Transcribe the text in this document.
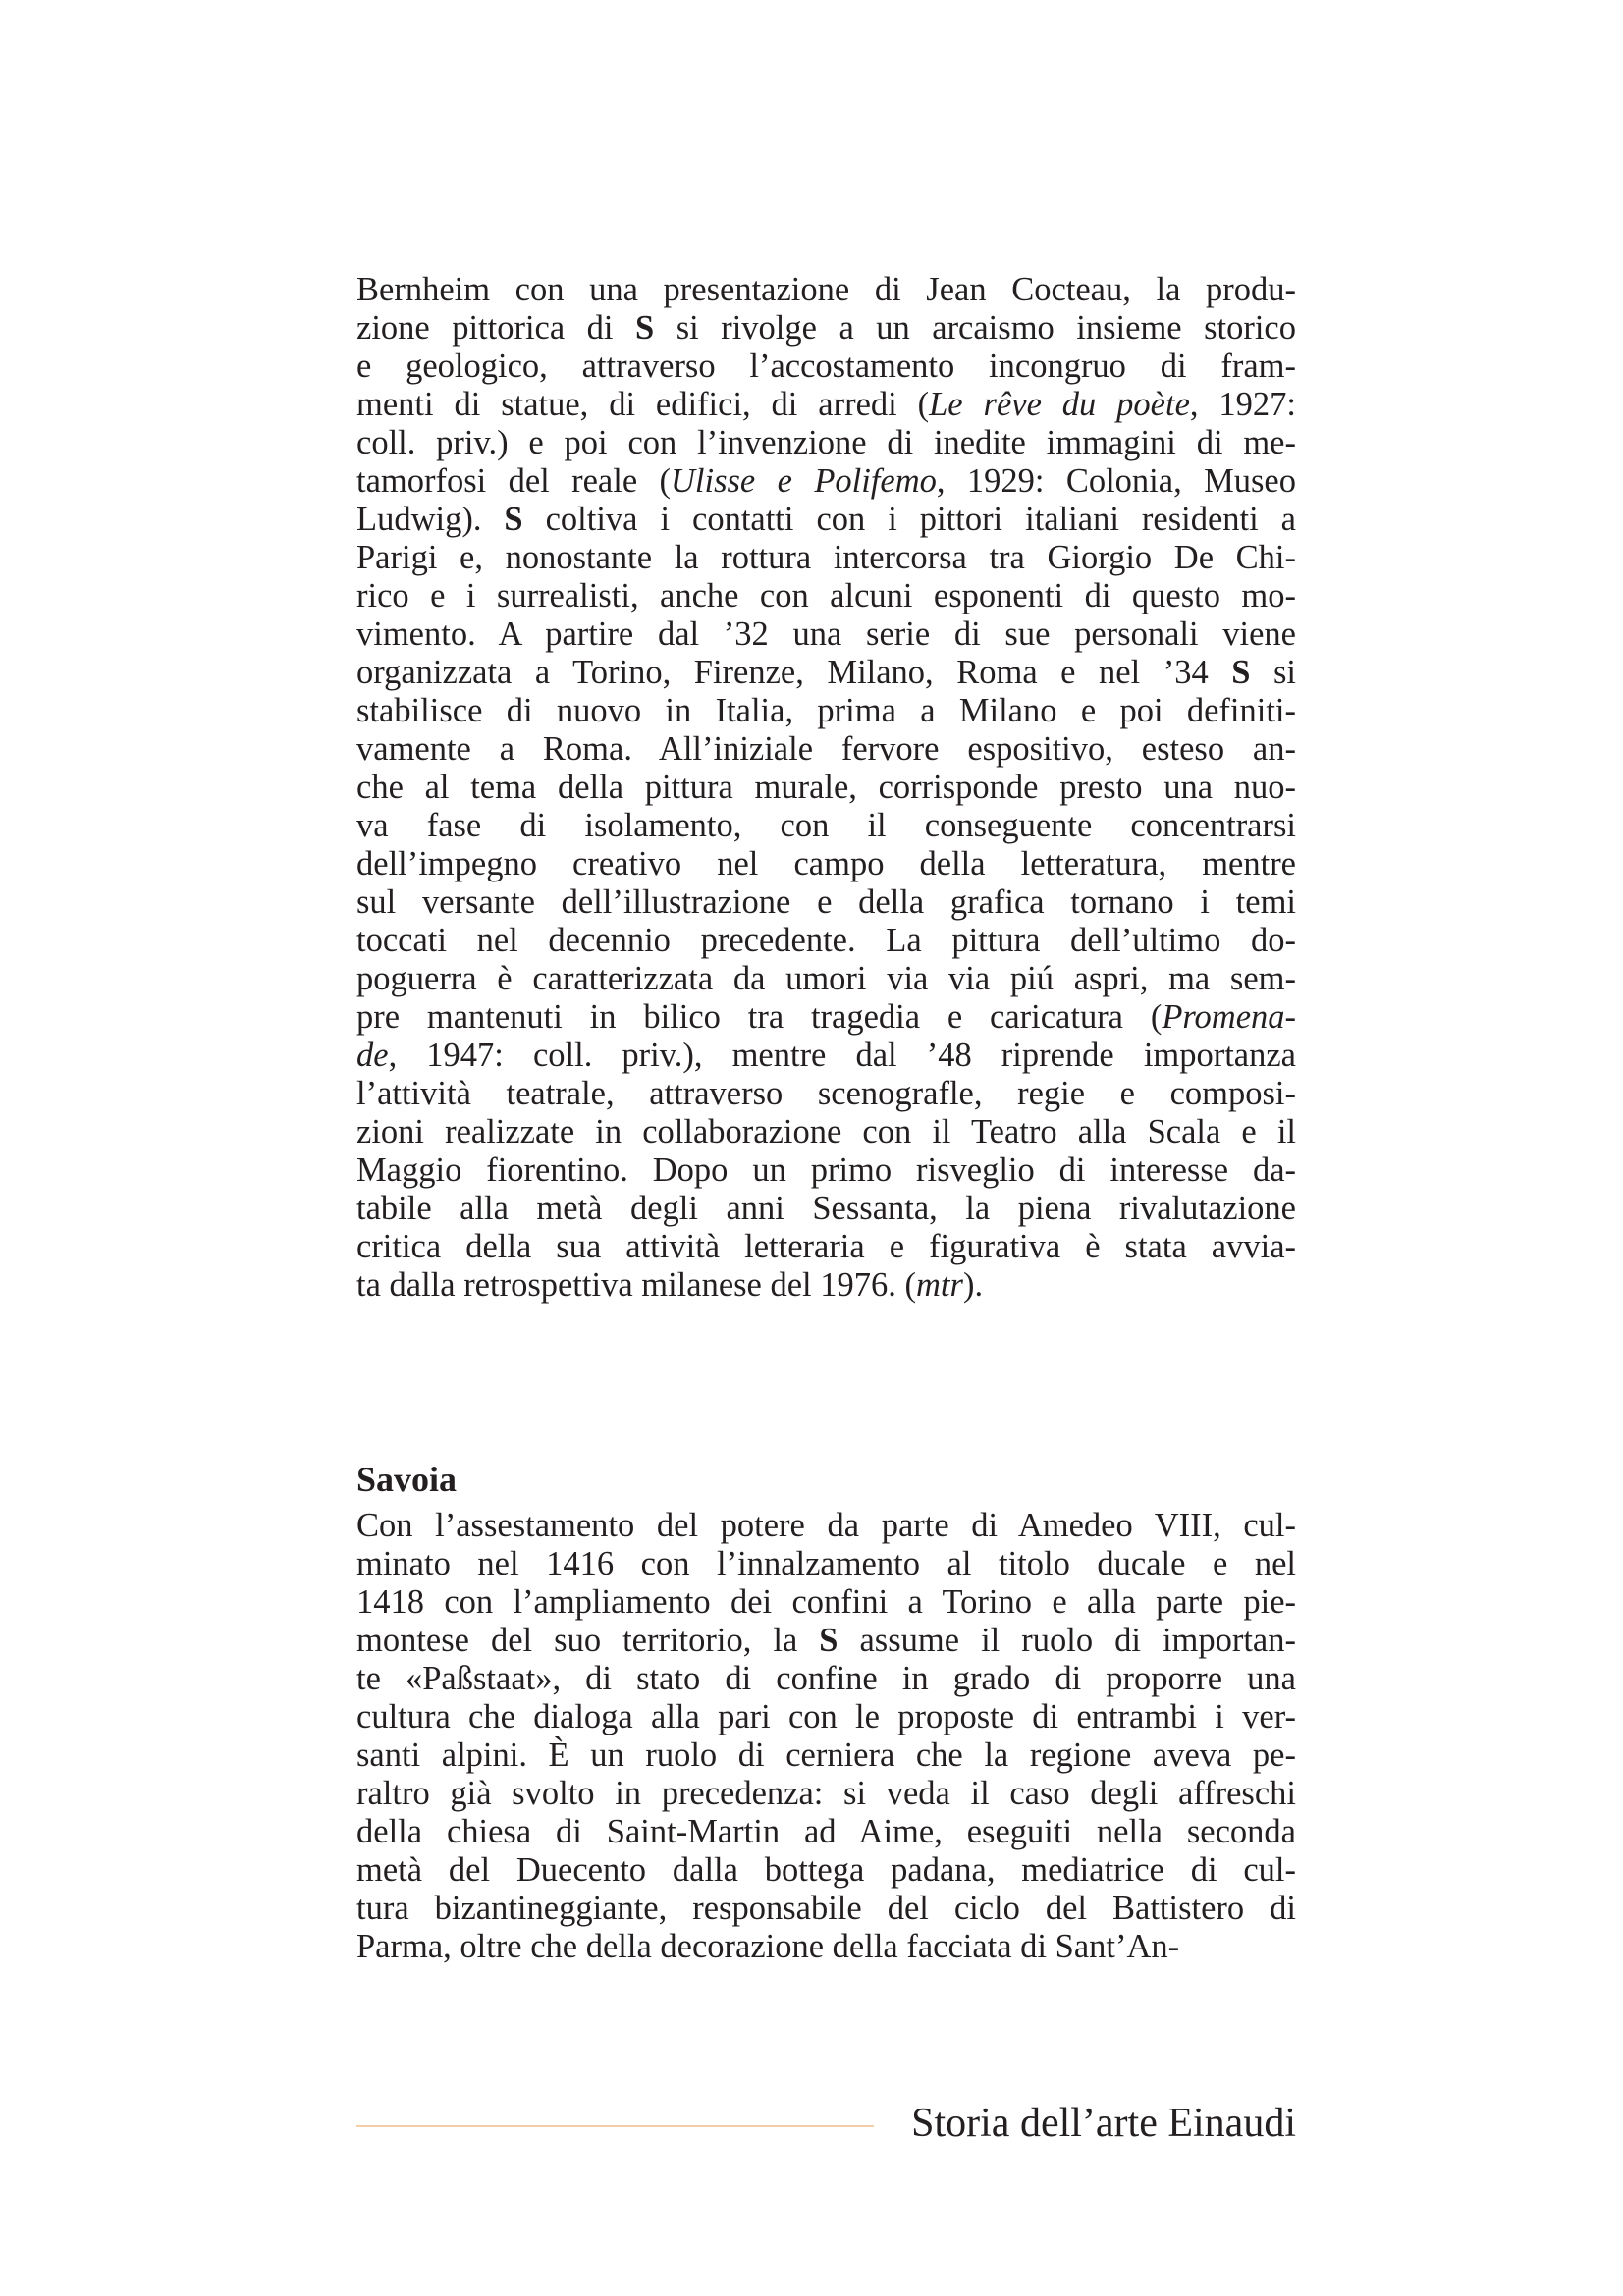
Bernheim con una presentazione di Jean Cocteau, la produ-
zione pittorica di S si rivolge a un arcaismo insieme storico
e geologico, attraverso l’accostamento incongruo di fram-
menti di statue, di edifici, di arredi (Le rêve du poète, 1927:
coll. priv.) e poi con l’invenzione di inedite immagini di me-
tamorfosi del reale (Ulisse e Polifemo, 1929: Colonia, Museo
Ludwig). S coltiva i contatti con i pittori italiani residenti a
Parigi e, nonostante la rottura intercorsa tra Giorgio De Chi-
rico e i surrealisti, anche con alcuni esponenti di questo mo-
vimento. A partire dal ’32 una serie di sue personali viene
organizzata a Torino, Firenze, Milano, Roma e nel ’34 S si
stabilisce di nuovo in Italia, prima a Milano e poi definiti-
vamente a Roma. All’iniziale fervore espositivo, esteso an-
che al tema della pittura murale, corrisponde presto una nuo-
va fase di isolamento, con il conseguente concentrarsi
dell’impegno creativo nel campo della letteratura, mentre
sul versante dell’illustrazione e della grafica tornano i temi
toccati nel decennio precedente. La pittura dell’ultimo do-
poguerra è caratterizzata da umori via via piú aspri, ma sem-
pre mantenuti in bilico tra tragedia e caricatura (Promena-
de, 1947: coll. priv.), mentre dal ’48 riprende importanza
l’attività teatrale, attraverso scenografle, regie e composi-
zioni realizzate in collaborazione con il Teatro alla Scala e il
Maggio fiorentino. Dopo un primo risveglio di interesse da-
tabile alla metà degli anni Sessanta, la piena rivalutazione
critica della sua attività letteraria e figurativa è stata avvia-
ta dalla retrospettiva milanese del 1976. (mtr).
Savoia
Con l’assestamento del potere da parte di Amedeo VIII, cul-
minato nel 1416 con l’innalzamento al titolo ducale e nel
1418 con l’ampliamento dei confini a Torino e alla parte pie-
montese del suo territorio, la S assume il ruolo di importan-
te «Paßstaat», di stato di confine in grado di proporre una
cultura che dialoga alla pari con le proposte di entrambi i ver-
santi alpini. È un ruolo di cerniera che la regione aveva pe-
raltro già svolto in precedenza: si veda il caso degli affreschi
della chiesa di Saint-Martin ad Aime, eseguiti nella seconda
metà del Duecento dalla bottega padana, mediatrice di cul-
tura bizantineggiante, responsabile del ciclo del Battistero di
Parma, oltre che della decorazione della facciata di Sant’An-
Storia dell’arte Einaudi
